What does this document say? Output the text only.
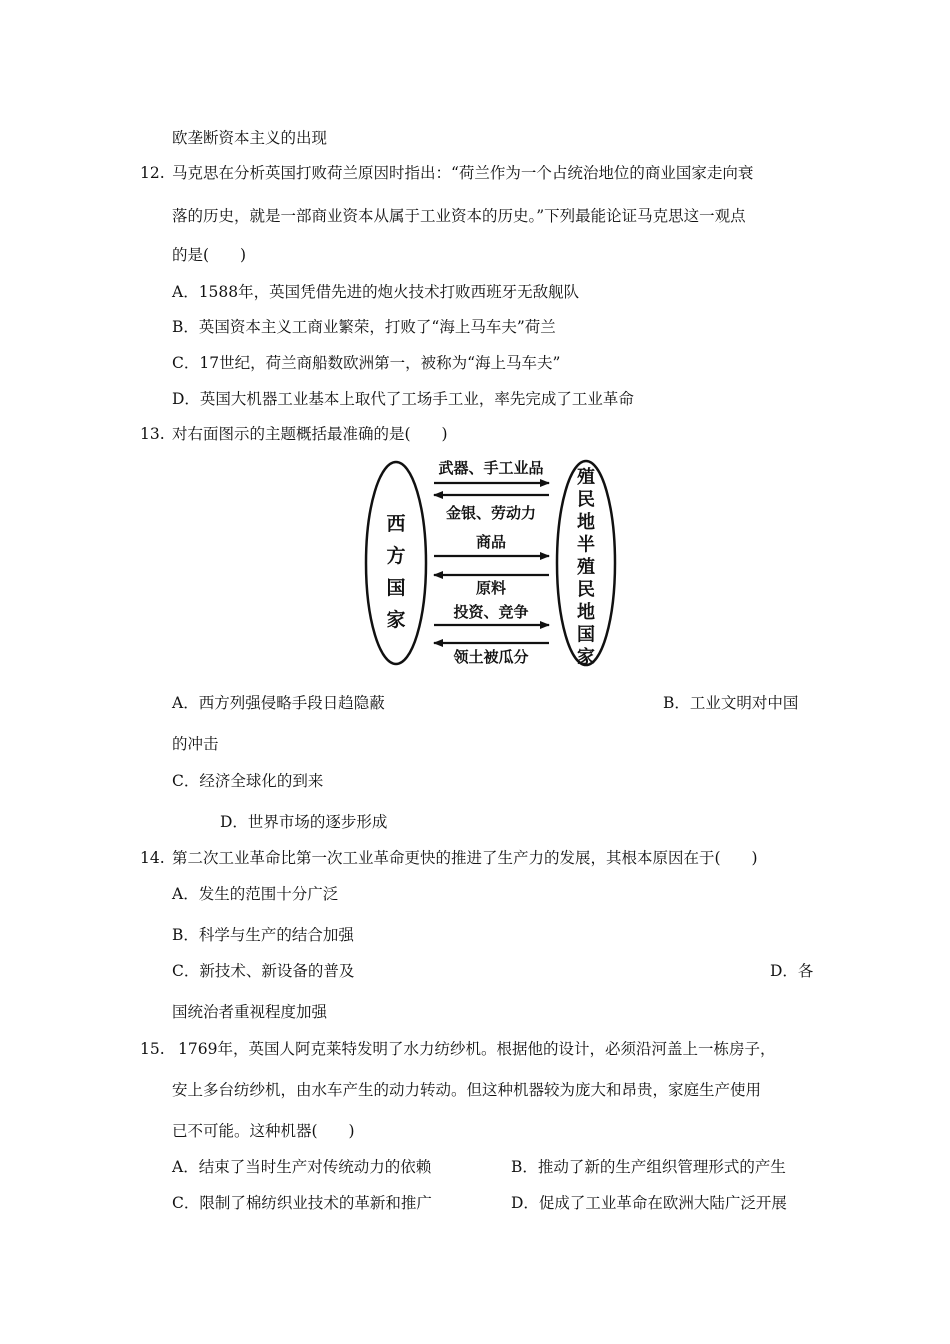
欧垄断资本主义的出现
12. 马克思在分析英国打败荷兰原因时指出：“荷兰作为一个占统治地位的商业国家走向衰
落的历史，就是一部商业资本从属于工业资本的历史。”下列最能论证马克思这一观点
的是(　　)
A．1588年，英国凭借先进的炮火技术打败西班牙无敌舰队
B．英国资本主义工商业繁荣，打败了“海上马车夫”荷兰
C．17世纪，荷兰商船数欧洲第一，被称为“海上马车夫”
D．英国大机器工业基本上取代了工场手工业，率先完成了工业革命
13. 对右面图示的主题概括最准确的是(　　)
西
方
国
家
殖
民
地
半
殖
民
地
国
家
武器、手工业品
金银、劳动力
商品
原料
投资、竞争
领土被瓜分
A．西方列强侵略手段日趋隐蔽	B．工业文明对中国
的冲击
C．经济全球化的到来
D．世界市场的逐步形成
14. 第二次工业革命比第一次工业革命更快的推进了生产力的发展，其根本原因在于(　　)
A．发生的范围十分广泛
B．科学与生产的结合加强
C．新技术、新设备的普及	D．各
国统治者重视程度加强
15. 1769年，英国人阿克莱特发明了水力纺纱机。根据他的设计，必须沿河盖上一栋房子，
安上多台纺纱机，由水车产生的动力转动。但这种机器较为庞大和昂贵，家庭生产使用
已不可能。这种机器(　　)
A．结束了当时生产对传统动力的依赖	B．推动了新的生产组织管理形式的产生
C．限制了棉纺织业技术的革新和推广	D．促成了工业革命在欧洲大陆广泛开展
